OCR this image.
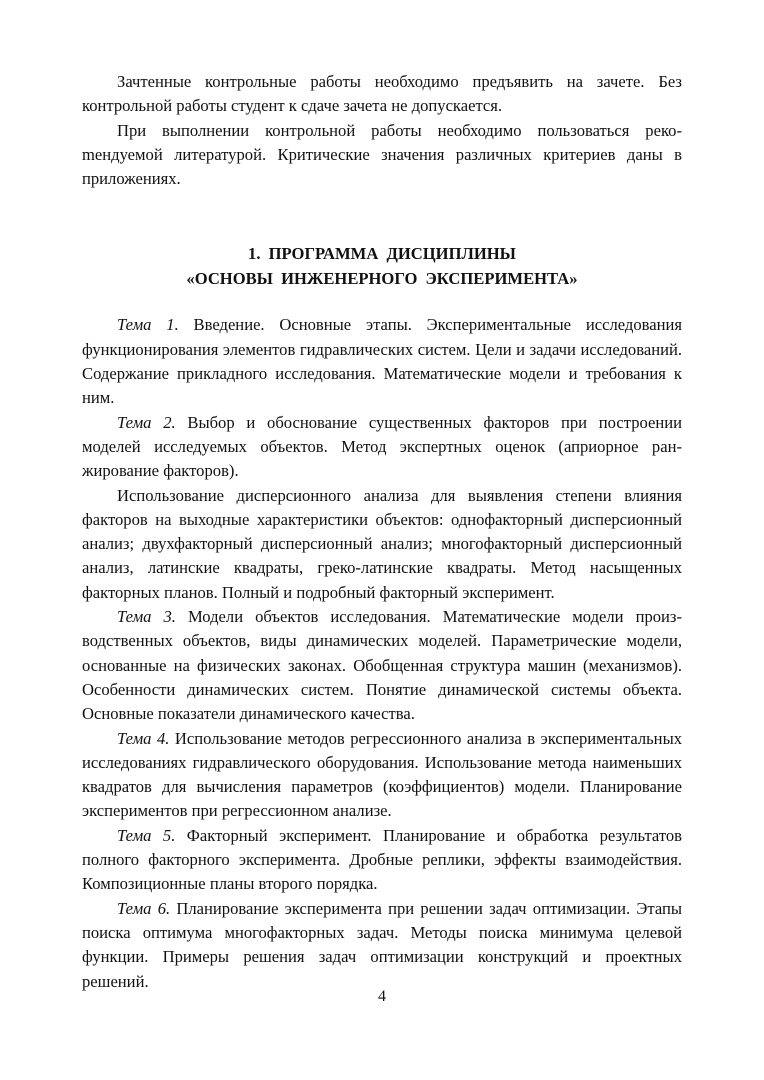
Зачтенные контрольные работы необходимо предъявить на зачете. Без контрольной работы студент к сдаче зачета не допускается.

При выполнении контрольной работы необходимо пользоваться рекоmендуемой литературой. Критические значения различных критериев даны в приложениях.

1. ПРОГРАММА ДИСЦИПЛИНЫ
«ОСНОВЫ ИНЖЕНЕРНОГО ЭКСПЕРИМЕНТА»

Тема 1. Введение. Основные этапы. Экспериментальные исследования функционирования элементов гидравлических систем. Цели и задачи исследований. Содержание прикладного исследования. Математические модели и требования к ним.

Тема 2. Выбор и обоснование существенных факторов при построении моделей исследуемых объектов. Метод экспертных оценок (априорное ранжирование факторов).

Использование дисперсионного анализа для выявления степени влияния факторов на выходные характеристики объектов: однофакторный дисперсионный анализ; двухфакторный дисперсионный анализ; многофакторный дисперсионный анализ, латинские квадраты, греко-латинские квадраты. Метод насыщенных факторных планов. Полный и подробный факторный эксперимент.

Тема 3. Модели объектов исследования. Математические модели производственных объектов, виды динамических моделей. Параметрические модели, основанные на физических законах. Обобщенная структура машин (механизмов). Особенности динамических систем. Понятие динамической системы объекта. Основные показатели динамического качества.

Тема 4. Использование методов регрессионного анализа в экспериментальных исследованиях гидравлического оборудования. Использование метода наименьших квадратов для вычисления параметров (коэффициентов) модели. Планирование экспериментов при регрессионном анализе.

Тема 5. Факторный эксперимент. Планирование и обработка результатов полного факторного эксперимента. Дробные реплики, эффекты взаимодействия. Композиционные планы второго порядка.

Тема 6. Планирование эксперимента при решении задач оптимизации. Этапы поиска оптимума многофакторных задач. Методы поиска минимума целевой функции. Примеры решения задач оптимизации конструкций и проектных решений.

4
